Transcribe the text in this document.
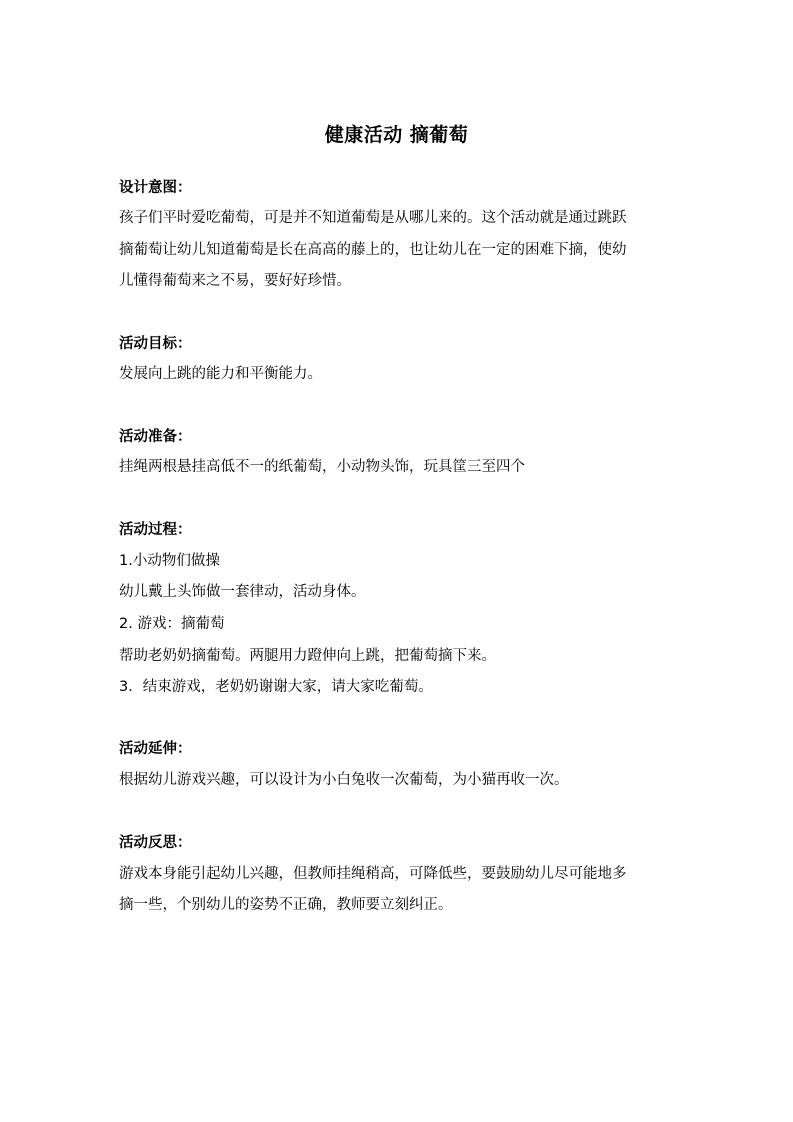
健康活动 摘葡萄
设计意图：
孩子们平时爱吃葡萄，可是并不知道葡萄是从哪儿来的。这个活动就是通过跳跃
摘葡萄让幼儿知道葡萄是长在高高的藤上的，也让幼儿在一定的困难下摘，使幼
儿懂得葡萄来之不易，要好好珍惜。
活动目标：
发展向上跳的能力和平衡能力。
活动准备：
挂绳两根悬挂高低不一的纸葡萄，小动物头饰，玩具筐三至四个
活动过程：
1.小动物们做操
幼儿戴上头饰做一套律动，活动身体。
2. 游戏：摘葡萄
帮助老奶奶摘葡萄。两腿用力蹬伸向上跳，把葡萄摘下来。
3．结束游戏，老奶奶谢谢大家，请大家吃葡萄。
活动延伸：
根据幼儿游戏兴趣，可以设计为小白兔收一次葡萄，为小猫再收一次。
活动反思：
游戏本身能引起幼儿兴趣，但教师挂绳稍高，可降低些，要鼓励幼儿尽可能地多
摘一些，个别幼儿的姿势不正确，教师要立刻纠正。
